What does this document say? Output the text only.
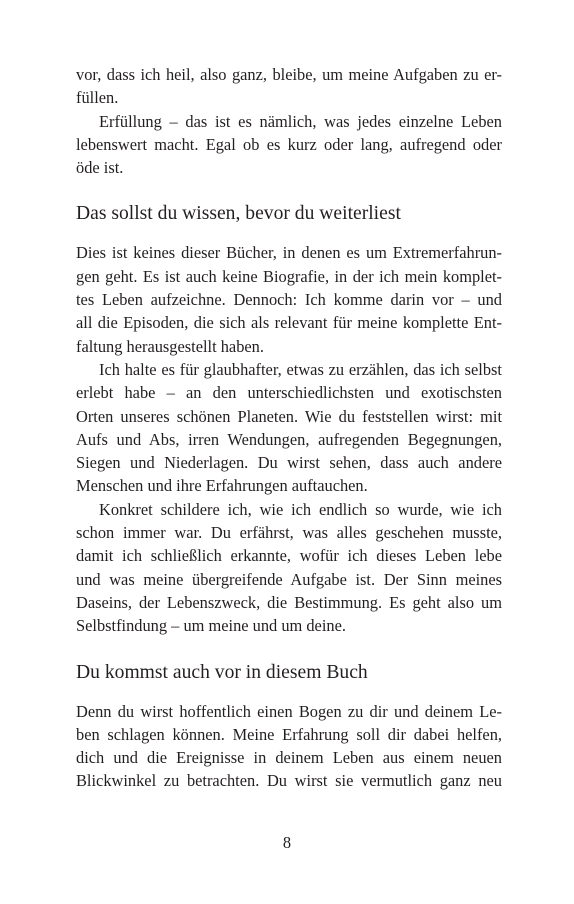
vor, dass ich heil, also ganz, bleibe, um meine Aufgaben zu er-
füllen.
Erfüllung – das ist es nämlich, was jedes einzelne Leben
lebenswert macht. Egal ob es kurz oder lang, aufregend oder
öde ist.
Das sollst du wissen, bevor du weiterliest
Dies ist keines dieser Bücher, in denen es um Extremerfahrun-
gen geht. Es ist auch keine Biografie, in der ich mein komplet-
tes Leben aufzeichne. Dennoch: Ich komme darin vor – und
all die Episoden, die sich als relevant für meine komplette Ent-
faltung herausgestellt haben.
Ich halte es für glaubhafter, etwas zu erzählen, das ich selbst
erlebt habe – an den unterschiedlichsten und exotischsten
Orten unseres schönen Planeten. Wie du feststellen wirst: mit
Aufs und Abs, irren Wendungen, aufregenden Begegnungen,
Siegen und Niederlagen. Du wirst sehen, dass auch andere
Menschen und ihre Erfahrungen auftauchen.
Konkret schildere ich, wie ich endlich so wurde, wie ich
schon immer war. Du erfährst, was alles geschehen musste,
damit ich schließlich erkannte, wofür ich dieses Leben lebe
und was meine übergreifende Aufgabe ist. Der Sinn meines
Daseins, der Lebenszweck, die Bestimmung. Es geht also um
Selbstfindung – um meine und um deine.
Du kommst auch vor in diesem Buch
Denn du wirst hoffentlich einen Bogen zu dir und deinem Le-
ben schlagen können. Meine Erfahrung soll dir dabei helfen,
dich und die Ereignisse in deinem Leben aus einem neuen
Blickwinkel zu betrachten. Du wirst sie vermutlich ganz neu
8
